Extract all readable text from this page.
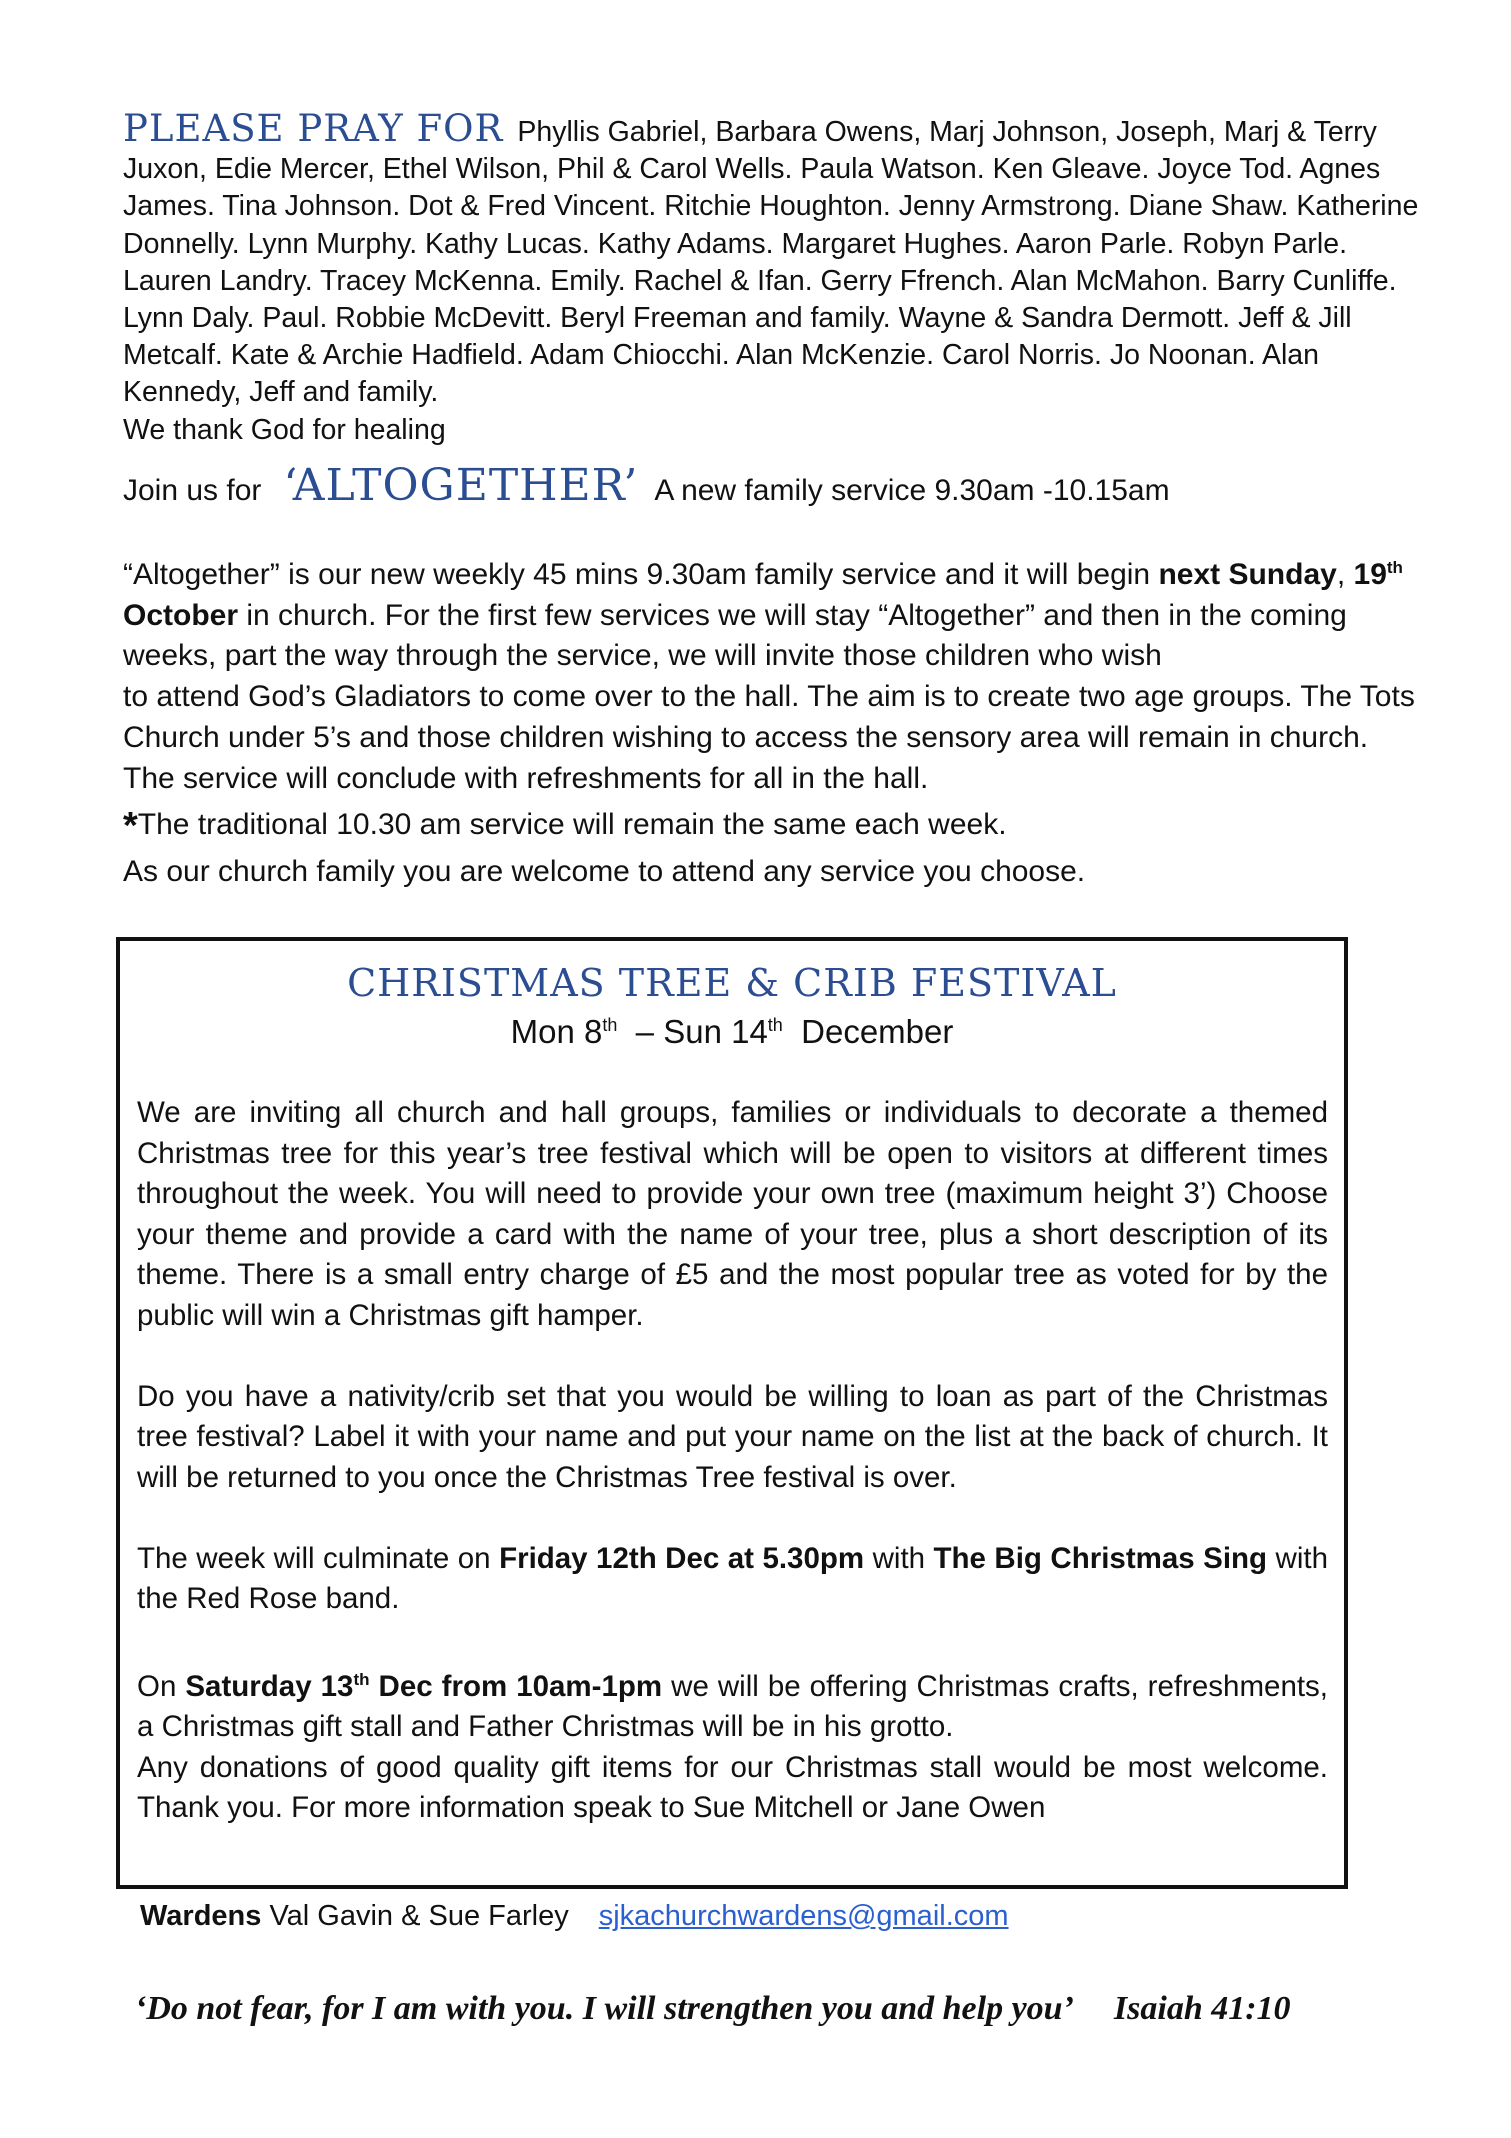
PLEASE PRAY FOR Phyllis Gabriel, Barbara Owens, Marj Johnson, Joseph, Marj & Terry Juxon, Edie Mercer, Ethel Wilson, Phil & Carol Wells. Paula Watson. Ken Gleave. Joyce Tod. Agnes James. Tina Johnson. Dot & Fred Vincent. Ritchie Houghton. Jenny Armstrong. Diane Shaw. Katherine Donnelly. Lynn Murphy. Kathy Lucas. Kathy Adams. Margaret Hughes. Aaron Parle. Robyn Parle. Lauren Landry. Tracey McKenna. Emily. Rachel & Ifan. Gerry Ffrench. Alan McMahon. Barry Cunliffe. Lynn Daly. Paul. Robbie McDevitt. Beryl Freeman and family. Wayne & Sandra Dermott. Jeff & Jill Metcalf. Kate & Archie Hadfield. Adam Chiocchi. Alan McKenzie. Carol Norris. Jo Noonan. Alan Kennedy, Jeff and family.
We thank God for healing
Join us for ‘ALTOGETHER’ A new family service 9.30am -10.15am

“Altogether” is our new weekly 45 mins 9.30am family service and it will begin next Sunday, 19th October in church. For the first few services we will stay “Altogether” and then in the coming weeks, part the way through the service, we will invite those children who wish

to attend God’s Gladiators to come over to the hall. The aim is to create two age groups. The Tots Church under 5’s and those children wishing to access the sensory area will remain in church. The service will conclude with refreshments for all in the hall.

*The traditional 10.30 am service will remain the same each week.

As our church family you are welcome to attend any service you choose.

CHRISTMAS TREE & CRIB FESTIVAL
Mon 8th  – Sun 14th  December

We are inviting all church and hall groups, families or individuals to decorate a themed Christmas tree for this year’s tree festival which will be open to visitors at different times throughout the week. You will need to provide your own tree (maximum height 3’) Choose your theme and provide a card with the name of your tree, plus a short description of its theme. There is a small entry charge of £5 and the most popular tree as voted for by the public will win a Christmas gift hamper.

Do you have a nativity/crib set that you would be willing to loan as part of the Christmas tree festival? Label it with your name and put your name on the list at the back of church. It will be returned to you once the Christmas Tree festival is over.

The week will culminate on Friday 12th Dec at 5.30pm with The Big Christmas Sing with the Red Rose band.

On Saturday 13th Dec from 10am-1pm we will be offering Christmas crafts, refreshments, a Christmas gift stall and Father Christmas will be in his grotto.
Any donations of good quality gift items for our Christmas stall would be most welcome. Thank you. For more information speak to Sue Mitchell or Jane Owen

Wardens Val Gavin & Sue Farley sjkachurchwardens@gmail.com
‘Do not fear, for I am with you. I will strengthen you and help you’ Isaiah 41:10
